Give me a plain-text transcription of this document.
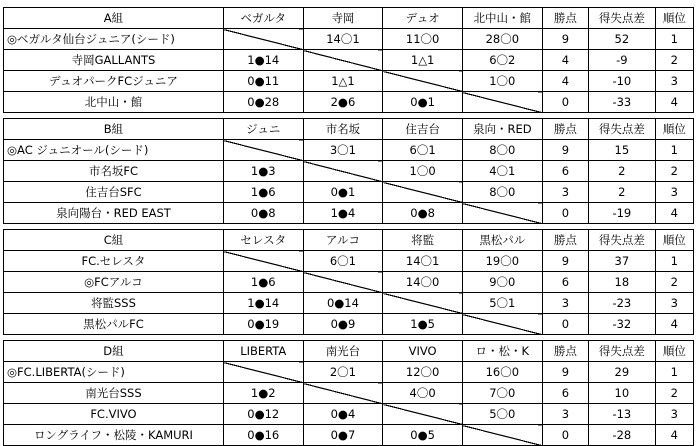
A組	ベガルタ	寺岡	デュオ	北中山・館	勝点	得失点差	順位
◎ベガルタ仙台ジュニア(シード)		14〇1	11〇0	28〇0	9	52	1
寺岡GALLANTS	1●14		1△1	6〇2	4	-9	2
デュオパークFCジュニア	0●11	1△1		1〇0	4	-10	3
北中山・館	0●28	2●6	0●1		0	-33	4
B組	ジュニ	市名坂	住吉台	泉向・RED	勝点	得失点差	順位
◎AC ジュニオール(シード)		3〇1	6〇1	8〇0	9	15	1
市名坂FC	1●3		1〇0	4〇1	6	2	2
住吉台SFC	1●6	0●1		8〇0	3	2	3
泉向陽台・RED EAST	0●8	1●4	0●8		0	-19	4
C組	セレスタ	アルコ	将監	黒松パル	勝点	得失点差	順位
FC.セレスタ		6〇1	14〇1	19〇0	9	37	1
◎FCアルコ	1●6		14〇0	9〇0	6	18	2
将監SSS	1●14	0●14		5〇1	3	-23	3
黒松パルFC	0●19	0●9	1●5		0	-32	4
D組	LIBERTA	南光台	VIVO	ロ・松・K	勝点	得失点差	順位
◎FC.LIBERTA(シード)		2〇1	12〇0	16〇0	9	29	1
南光台SSS	1●2		4〇0	7〇0	6	10	2
FC.VIVO	0●12	0●4		5〇0	3	-13	3
ロングライフ・松陵・KAMURI	0●16	0●7	0●5		0	-28	4
